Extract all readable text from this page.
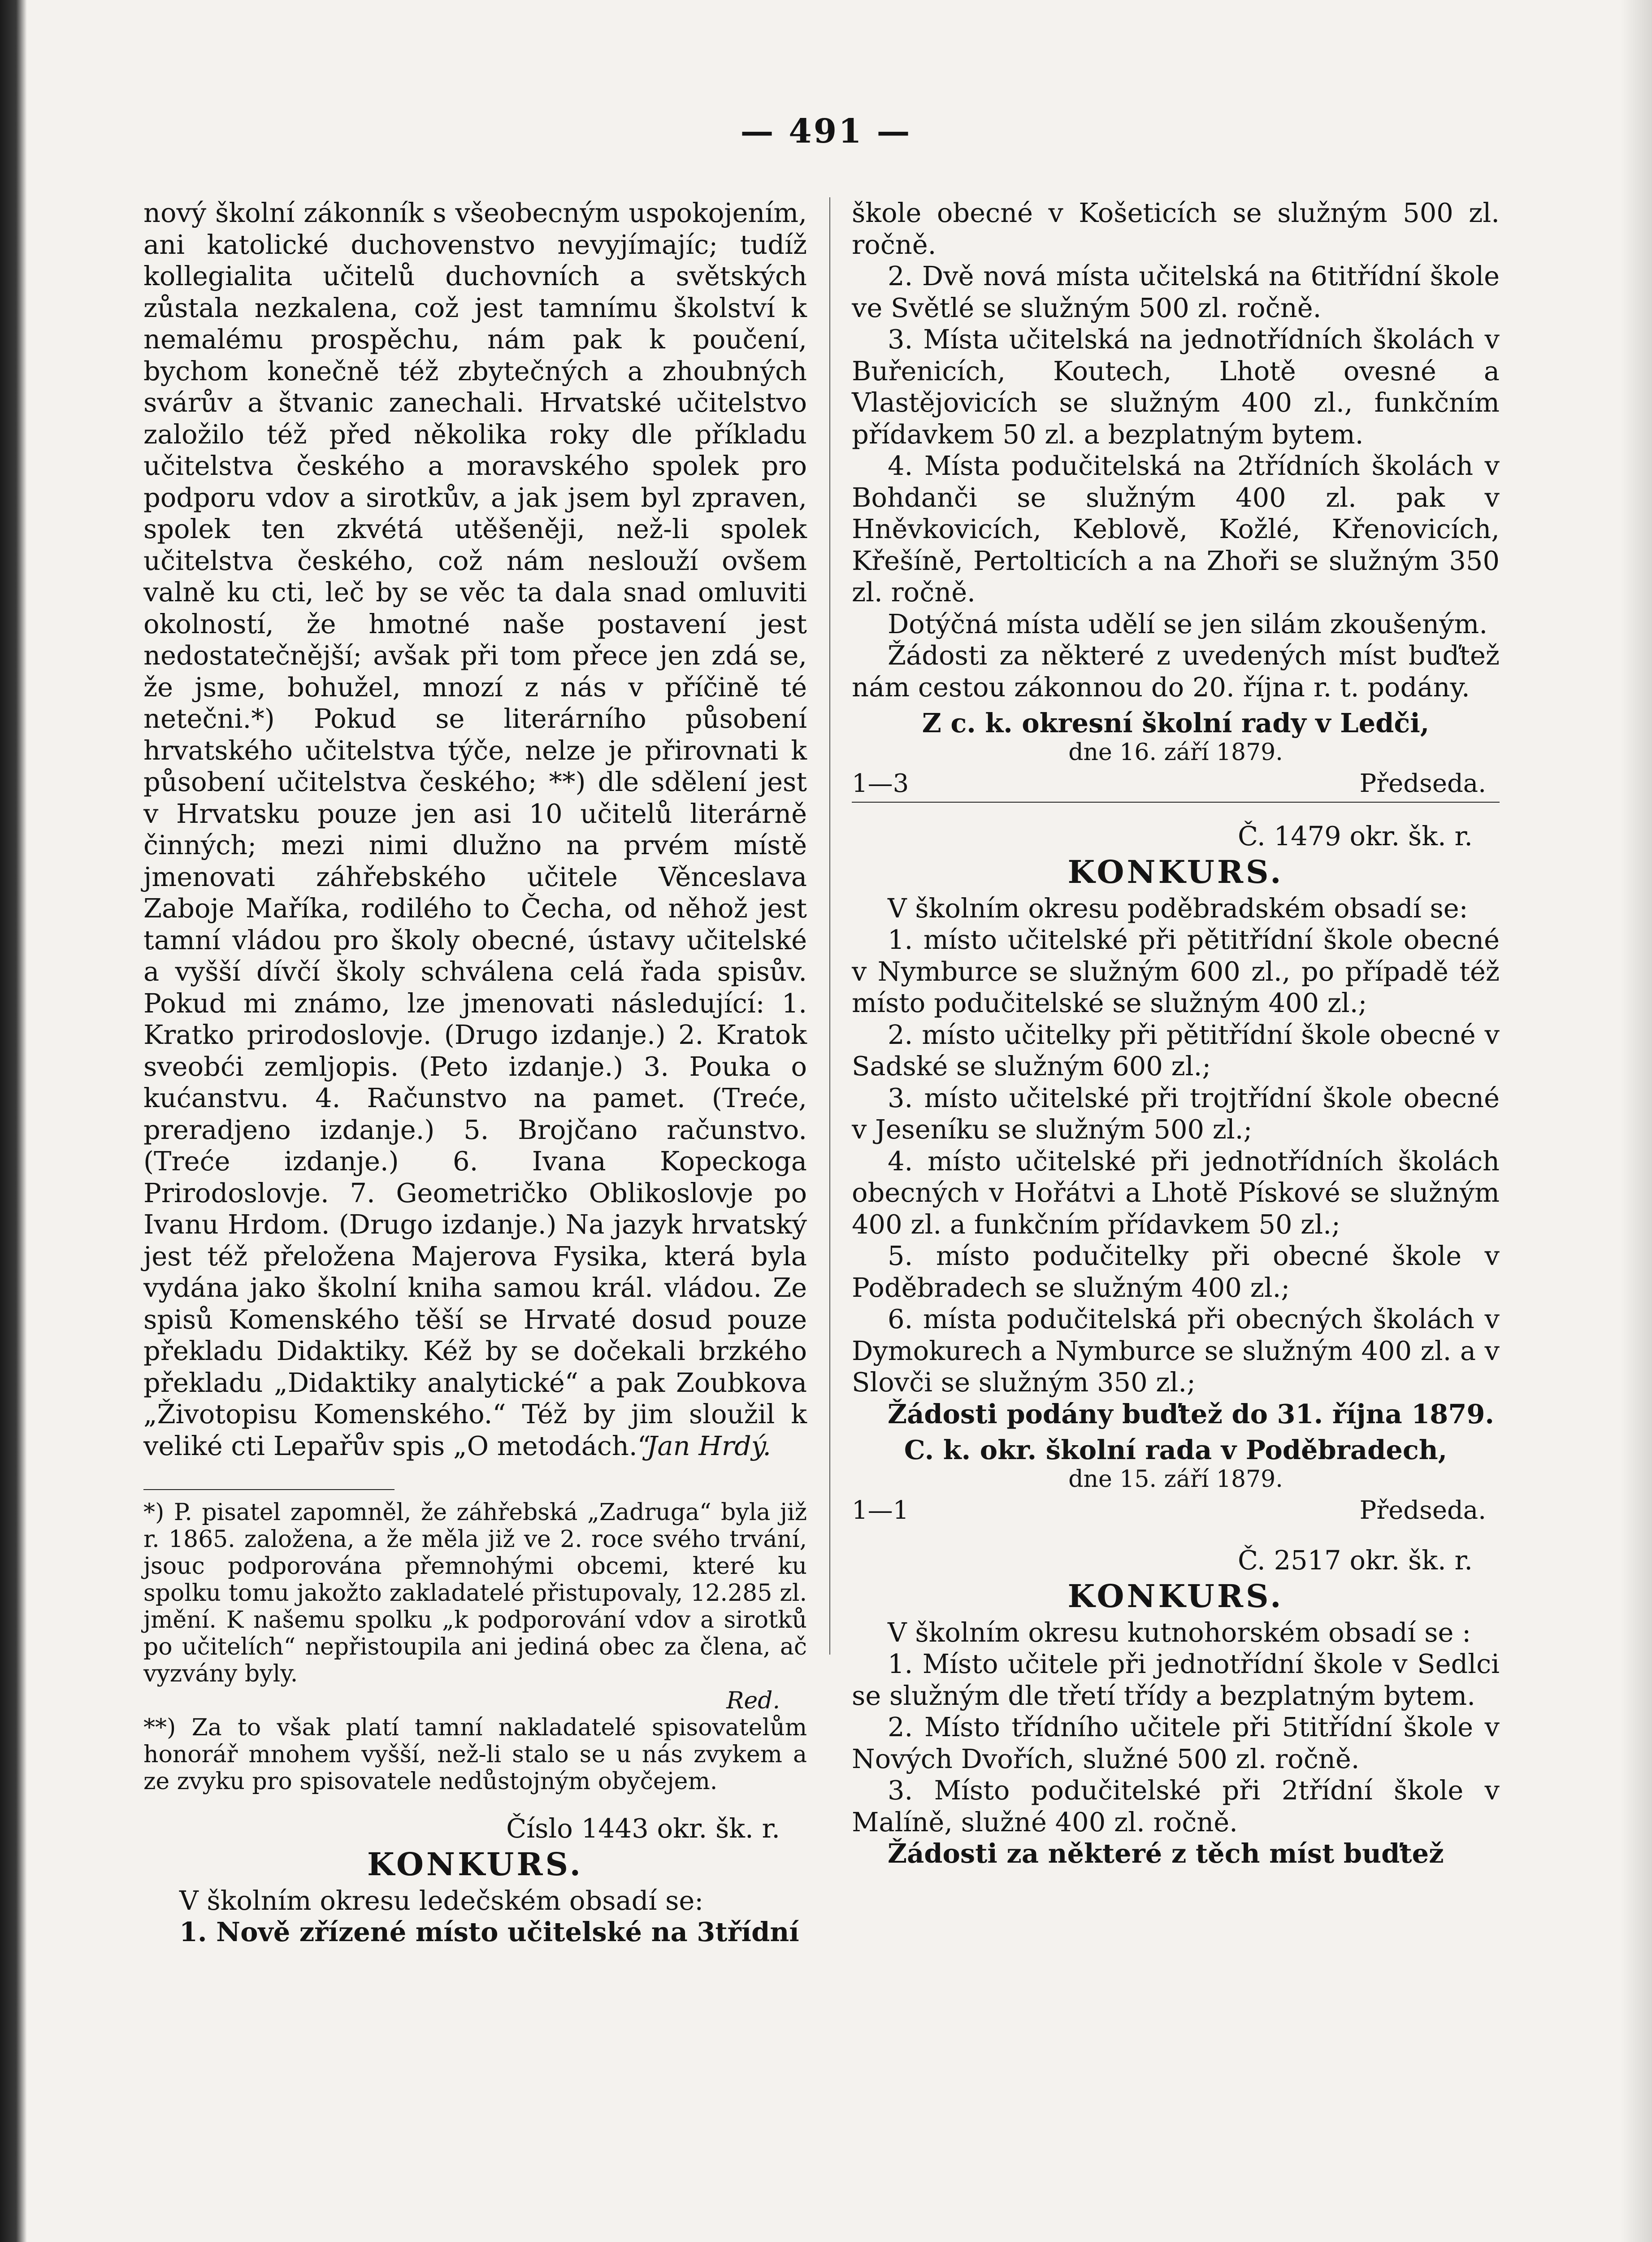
— 491 —

nový školní zákonník s všeobecným uspokojením, ani katolické duchovenstvo nevyjímajíc; tudíž kollegialita učitelů duchovních a světských zůstala nezkalena, což jest tamnímu školství k nemalému prospěchu, nám pak k poučení, bychom konečně též zbytečných a zhoubných svárův a štvanic zanechali. Hrvatské učitelstvo založilo též před několika roky dle příkladu učitelstva českého a moravského spolek pro podporu vdov a sirotkův, a jak jsem byl zpraven, spolek ten zkvétá utěšeněji, než-li spolek učitelstva českého, což nám neslouží ovšem valně ku cti, leč by se věc ta dala snad omluviti okolností, že hmotné naše postavení jest nedostatečnější; avšak při tom přece jen zdá se, že jsme, bohužel, mnozí z nás v příčině té netečni.*) Pokud se literárního působení hrvatského učitelstva týče, nelze je přirovnati k působení učitelstva českého; **) dle sdělení jest v Hrvatsku pouze jen asi 10 učitelů literárně činných; mezi nimi dlužno na prvém místě jmenovati záhřebského učitele Věnceslava Zaboje Maříka, rodilého to Čecha, od něhož jest tamní vládou pro školy obecné, ústavy učitelské a vyšší dívčí školy schválena celá řada spisův. Pokud mi známo, lze jmenovati následující: 1. Kratko prirodoslovje. (Drugo izdanje.) 2. Kratok sveobći zemljopis. (Peto izdanje.) 3. Pouka o kućanstvu. 4. Računstvo na pamet. (Treće, preradjeno izdanje.) 5. Brojčano računstvo. (Treće izdanje.) 6. Ivana Kopeckoga Prirodoslovje. 7. Geometričko Oblikoslovje po Ivanu Hrdom. (Drugo izdanje.) Na jazyk hrvatský jest též přeložena Majerova Fysika, která byla vydána jako školní kniha samou král. vládou. Ze spisů Komenského těší se Hrvaté dosud pouze překladu Didaktiky. Kéž by se dočekali brzkého překladu „Didaktiky analytické“ a pak Zoubkova „Životopisu Komenského.“ Též by jim sloužil k veliké cti Lepařův spis „O metodách.“

Jan Hrdý.

*) P. pisatel zapomněl, že záhřebská „Zadruga“ byla již r. 1865. založena, a že měla již ve 2. roce svého trvání, jsouc podporována přemnohými obcemi, které ku spolku tomu jakožto zakladatelé přistupovaly, 12.285 zl. jmění. K našemu spolku „k podporování vdov a sirotků po učitelích“ nepřistoupila ani jediná obec za člena, ač vyzvány byly.

Red.

**) Za to však platí tamní nakladatelé spisovatelům honorář mnohem vyšší, než-li stalo se u nás zvykem a ze zvyku pro spisovatele nedůstojným obyčejem.

Číslo 1443 okr. šk. r.

KONKURS.

V školním okresu ledečském obsadí se:

1. Nově zřízené místo učitelské na 3třídní

škole obecné v Košeticích se služným 500 zl. ročně.

2. Dvě nová místa učitelská na 6titřídní škole ve Světlé se služným 500 zl. ročně.

3. Místa učitelská na jednotřídních školách v Buřenicích, Koutech, Lhotě ovesné a Vlastějovicích se služným 400 zl., funkčním přídavkem 50 zl. a bezplatným bytem.

4. Místa podučitelská na 2třídních školách v Bohdanči se služným 400 zl. pak v Hněvkovicích, Keblově, Kožlé, Křenovicích, Křešíně, Pertolticích a na Zhoři se služným 350 zl. ročně.

Dotýčná místa udělí se jen silám zkoušeným.

Žádosti za některé z uvedených míst buďtež nám cestou zákonnou do 20. října r. t. podány.

Z c. k. okresní školní rady v Ledči,

dne 16. září 1879.

1—3	Předseda.

Č. 1479 okr. šk. r.

KONKURS.

V školním okresu poděbradském obsadí se:

1. místo učitelské při pětitřídní škole obecné v Nymburce se služným 600 zl., po případě též místo podučitelské se služným 400 zl.;

2. místo učitelky při pětitřídní škole obecné v Sadské se služným 600 zl.;

3. místo učitelské při trojtřídní škole obecné v Jeseníku se služným 500 zl.;

4. místo učitelské při jednotřídních školách obecných v Hořátvi a Lhotě Pískové se služným 400 zl. a funkčním přídavkem 50 zl.;

5. místo podučitelky při obecné škole v Poděbradech se služným 400 zl.;

6. místa podučitelská při obecných školách v Dymokurech a Nymburce se služným 400 zl. a v Slovči se služným 350 zl.;

Žádosti podány buďtež do 31. října 1879.

C. k. okr. školní rada v Poděbradech,

dne 15. září 1879.

1—1	Předseda.

Č. 2517 okr. šk. r.

KONKURS.

V školním okresu kutnohorském obsadí se :

1. Místo učitele při jednotřídní škole v Sedlci se služným dle třetí třídy a bezplatným bytem.

2. Místo třídního učitele při 5titřídní škole v Nových Dvořích, služné 500 zl. ročně.

3. Místo podučitelské při 2třídní škole v Malíně, služné 400 zl. ročně.

Žádosti za některé z těch míst buďtež
